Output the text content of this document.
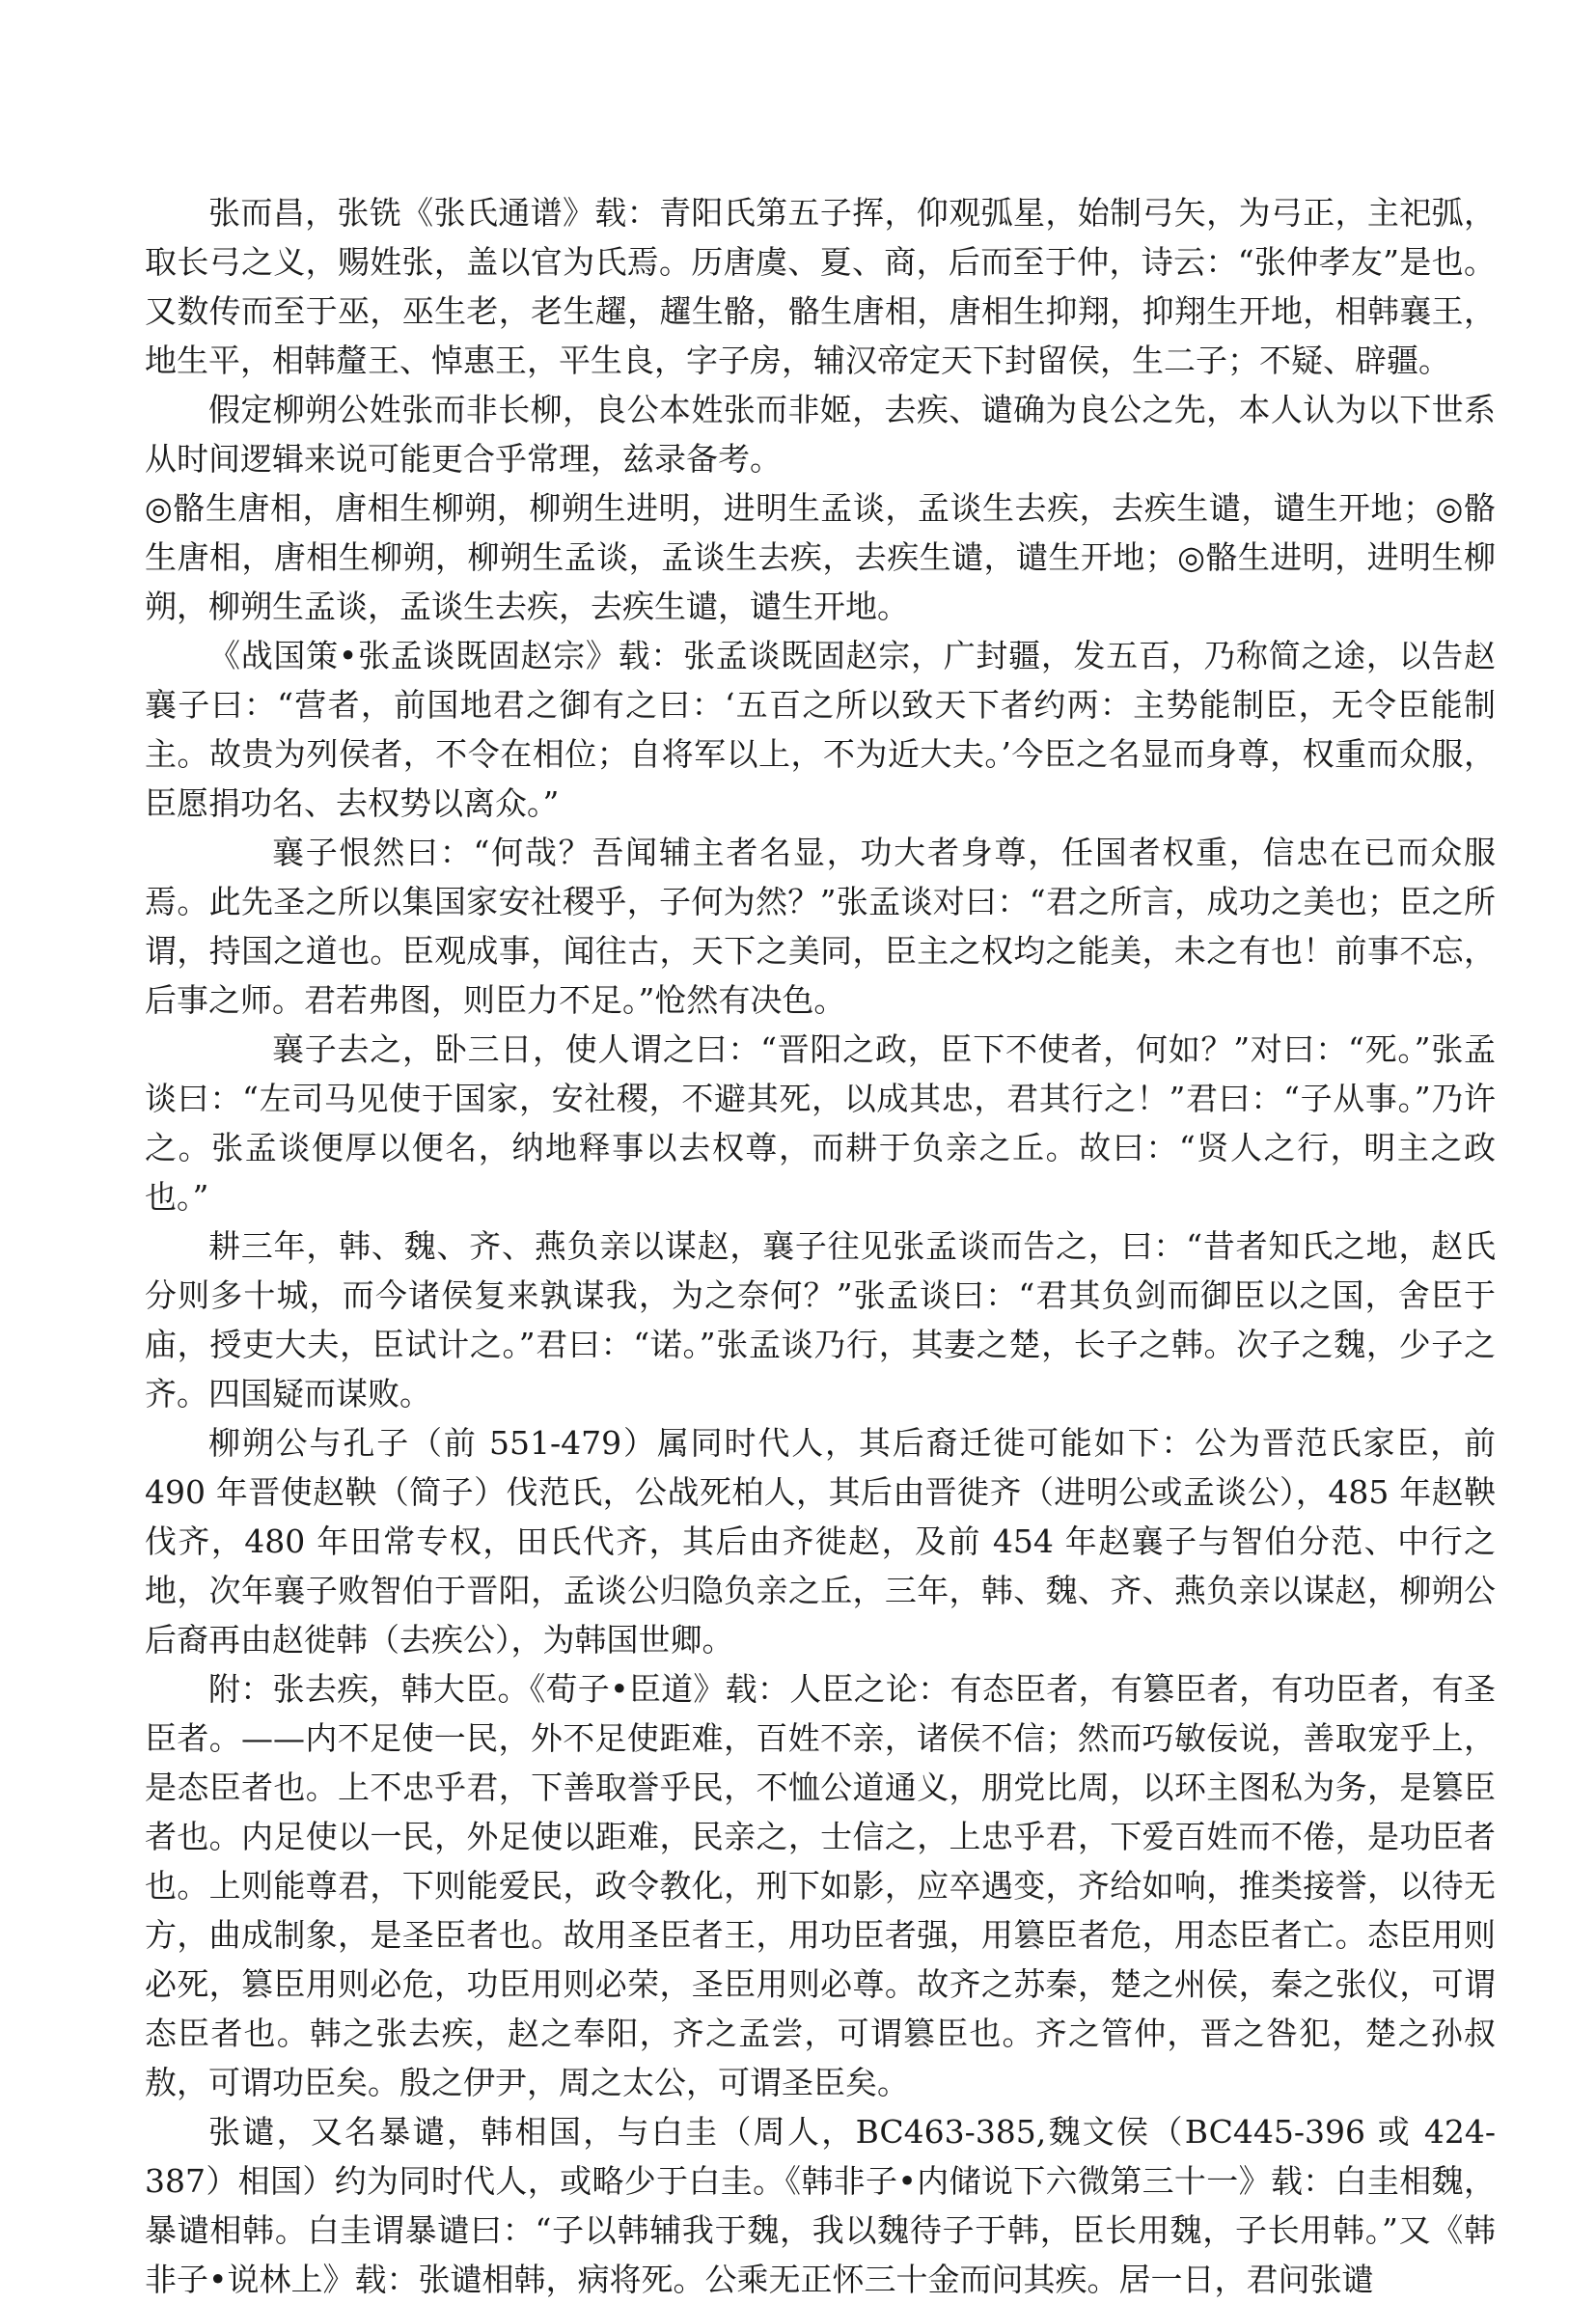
张而昌，张铣《张氏通谱》载：青阳氏第五子挥，仰观弧星，始制弓矢，为弓正，主祀弧，取长弓之义，赐姓张，盖以官为氏焉。历唐虞、夏、商，后而至于仲，诗云：“张仲孝友”是也。又数传而至于巫，巫生老，老生趯，趯生骼，骼生唐相，唐相生抑翔，抑翔生开地，相韩襄王，地生平，相韩釐王、悼惠王，平生良，字子房，辅汉帝定天下封留侯，生二子；不疑、辟疆。

假定柳朔公姓张而非长柳，良公本姓张而非姬，去疾、谴确为良公之先，本人认为以下世系从时间逻辑来说可能更合乎常理，兹录备考。

◎骼生唐相，唐相生柳朔，柳朔生进明，进明生孟谈，孟谈生去疾，去疾生谴，谴生开地；◎骼生唐相，唐相生柳朔，柳朔生孟谈，孟谈生去疾，去疾生谴，谴生开地；◎骼生进明，进明生柳朔，柳朔生孟谈，孟谈生去疾，去疾生谴，谴生开地。

《战国策•张孟谈既固赵宗》载：张孟谈既固赵宗，广封疆，发五百，乃称简之途，以告赵襄子曰：“营者，前国地君之御有之曰：‘五百之所以致天下者约两：主势能制臣，无令臣能制主。故贵为列侯者，不令在相位；自将军以上，不为近大夫。’今臣之名显而身尊，权重而众服，臣愿捐功名、去权势以离众。”

襄子恨然曰：“何哉？吾闻辅主者名显，功大者身尊，任国者权重，信忠在已而众服焉。此先圣之所以集国家安社稷乎，子何为然？”张孟谈对曰：“君之所言，成功之美也；臣之所谓，持国之道也。臣观成事，闻往古，天下之美同，臣主之权均之能美，未之有也！前事不忘，后事之师。君若弗图，则臣力不足。”怆然有决色。

襄子去之，卧三日，使人谓之曰：“晋阳之政，臣下不使者，何如？”对曰：“死。”张孟谈曰：“左司马见使于国家，安社稷，不避其死，以成其忠，君其行之！”君曰：“子从事。”乃许之。张孟谈便厚以便名，纳地释事以去权尊，而耕于负亲之丘。故曰：“贤人之行，明主之政也。”

耕三年，韩、魏、齐、燕负亲以谋赵，襄子往见张孟谈而告之，曰：“昔者知氏之地，赵氏分则多十城，而今诸侯复来孰谋我，为之奈何？”张孟谈曰：“君其负剑而御臣以之国，舍臣于庙，授吏大夫，臣试计之。”君曰：“诺。”张孟谈乃行，其妻之楚，长子之韩。次子之魏，少子之齐。四国疑而谋败。

柳朔公与孔子（前 551-479）属同时代人，其后裔迁徙可能如下：公为晋范氏家臣，前 490 年晋使赵鞅（简子）伐范氏，公战死柏人，其后由晋徙齐（进明公或孟谈公），485 年赵鞅伐齐，480 年田常专权，田氏代齐，其后由齐徙赵，及前 454 年赵襄子与智伯分范、中行之地，次年襄子败智伯于晋阳，孟谈公归隐负亲之丘，三年，韩、魏、齐、燕负亲以谋赵，柳朔公后裔再由赵徙韩（去疾公），为韩国世卿。

附：张去疾，韩大臣。《荀子•臣道》载：人臣之论：有态臣者，有篡臣者，有功臣者，有圣臣者。——内不足使一民，外不足使距难，百姓不亲，诸侯不信；然而巧敏佞说，善取宠乎上，是态臣者也。上不忠乎君，下善取誉乎民，不恤公道通义，朋党比周，以环主图私为务，是篡臣者也。内足使以一民，外足使以距难，民亲之，士信之，上忠乎君，下爱百姓而不倦，是功臣者也。上则能尊君，下则能爱民，政令教化，刑下如影，应卒遇变，齐给如响，推类接誉，以待无方，曲成制象，是圣臣者也。故用圣臣者王，用功臣者强，用篡臣者危，用态臣者亡。态臣用则必死，篡臣用则必危，功臣用则必荣，圣臣用则必尊。故齐之苏秦，楚之州侯，秦之张仪，可谓态臣者也。韩之张去疾，赵之奉阳，齐之孟尝，可谓篡臣也。齐之管仲，晋之咎犯，楚之孙叔敖，可谓功臣矣。殷之伊尹，周之太公，可谓圣臣矣。

张谴，又名暴谴，韩相国，与白圭（周人，BC463-385,魏文侯（BC445-396 或 424-387）相国）约为同时代人，或略少于白圭。《韩非子•内储说下六微第三十一》载：白圭相魏，暴谴相韩。白圭谓暴谴曰：“子以韩辅我于魏，我以魏待子于韩，臣长用魏，子长用韩。”又《韩非子•说林上》载：张谴相韩，病将死。公乘无正怀三十金而问其疾。居一日，君问张谴
